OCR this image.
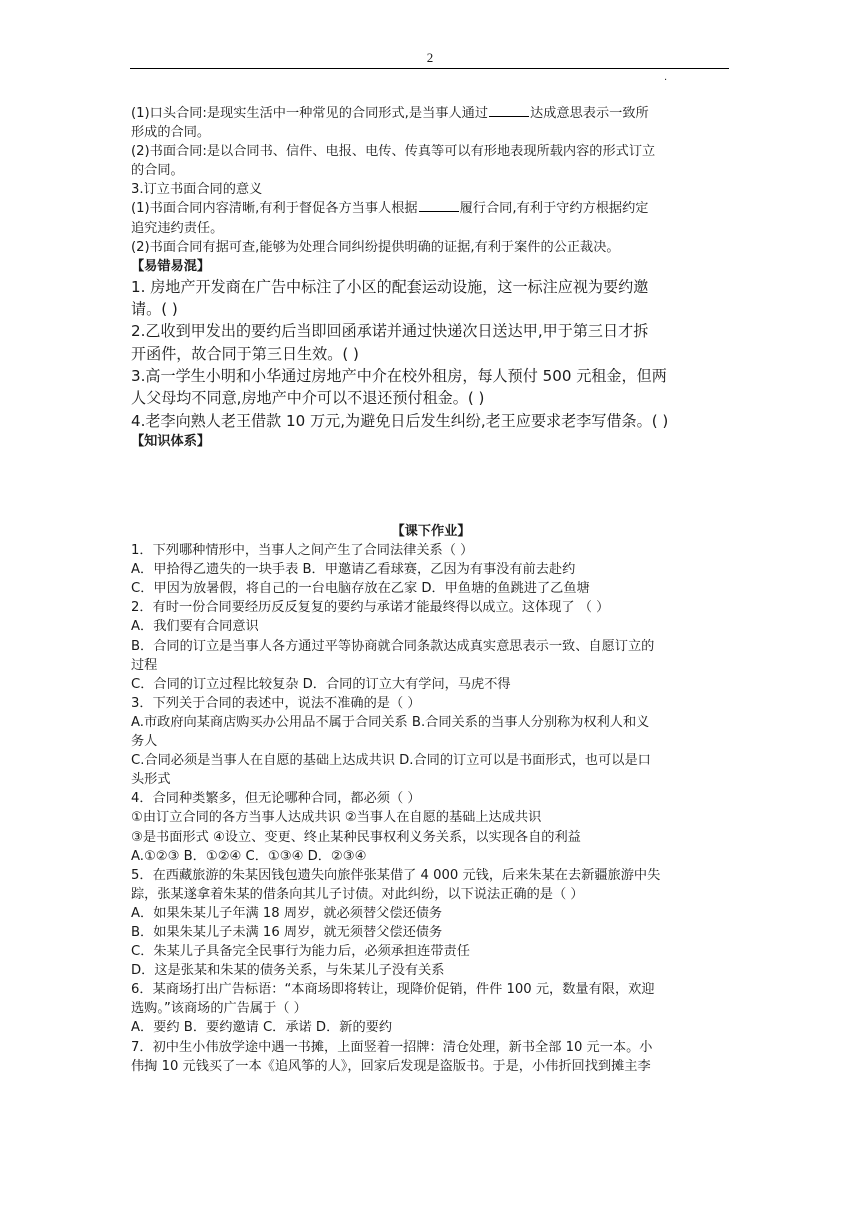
2
.
(1)口头合同:是现实生活中一种常见的合同形式,是当事人通过	达成意思表示一致所
形成的合同。
(2)书面合同:是以合同书、信件、电报、电传、传真等可以有形地表现所载内容的形式订立
的合同。
3.订立书面合同的意义
(1)书面合同内容清晰,有利于督促各方当事人根据	履行合同,有利于守约方根据约定
追究违约责任。
(2)书面合同有据可查,能够为处理合同纠纷提供明确的证据,有利于案件的公正裁决。
【易错易混】
1. 房地产开发商在广告中标注了小区的配套运动设施，这一标注应视为要约邀
请。( )
2.乙收到甲发出的要约后当即回函承诺并通过快递次日送达甲,甲于第三日才拆
开函件，故合同于第三日生效。( )
3.高一学生小明和小华通过房地产中介在校外租房，每人预付 500 元租金，但两
人父母均不同意,房地产中介可以不退还预付租金。( )
4.老李向熟人老王借款 10 万元,为避免日后发生纠纷,老王应要求老李写借条。( )
【知识体系】
【课下作业】
1．下列哪种情形中，当事人之间产生了合同法律关系（ ）
A．甲拾得乙遗失的一块手表 B．甲邀请乙看球赛，乙因为有事没有前去赴约
C．甲因为放暑假，将自己的一台电脑存放在乙家 D．甲鱼塘的鱼跳进了乙鱼塘
2．有时一份合同要经历反反复复的要约与承诺才能最终得以成立。这体现了 （ ）
A．我们要有合同意识
B．合同的订立是当事人各方通过平等协商就合同条款达成真实意思表示一致、自愿订立的
过程
C．合同的订立过程比较复杂 D．合同的订立大有学问，马虎不得
3．下列关于合同的表述中，说法不准确的是（ ）
A.市政府向某商店购买办公用品不属于合同关系 B.合同关系的当事人分别称为权利人和义
务人
C.合同必须是当事人在自愿的基础上达成共识 D.合同的订立可以是书面形式，也可以是口
头形式
4．合同种类繁多，但无论哪种合同，都必须（ ）
①由订立合同的各方当事人达成共识 ②当事人在自愿的基础上达成共识
③是书面形式 ④设立、变更、终止某种民事权利义务关系，以实现各自的利益
A.①②③ B．①②④ C．①③④ D．②③④
5．在西藏旅游的朱某因钱包遗失向旅伴张某借了 4 000 元钱，后来朱某在去新疆旅游中失
踪，张某遂拿着朱某的借条向其儿子讨债。对此纠纷，以下说法正确的是（ ）
A．如果朱某儿子年满 18 周岁，就必须替父偿还债务
B．如果朱某儿子未满 16 周岁，就无须替父偿还债务
C．朱某儿子具备完全民事行为能力后，必须承担连带责任
D．这是张某和朱某的债务关系，与朱某儿子没有关系
6．某商场打出广告标语：“本商场即将转让，现降价促销，件件 100 元，数量有限，欢迎
选购。”该商场的广告属于（ ）
A．要约 B．要约邀请 C．承诺 D．新的要约
7．初中生小伟放学途中遇一书摊，上面竖着一招牌：清仓处理，新书全部 10 元一本。小
伟掏 10 元钱买了一本《追风筝的人》，回家后发现是盗版书。于是，小伟折回找到摊主李
